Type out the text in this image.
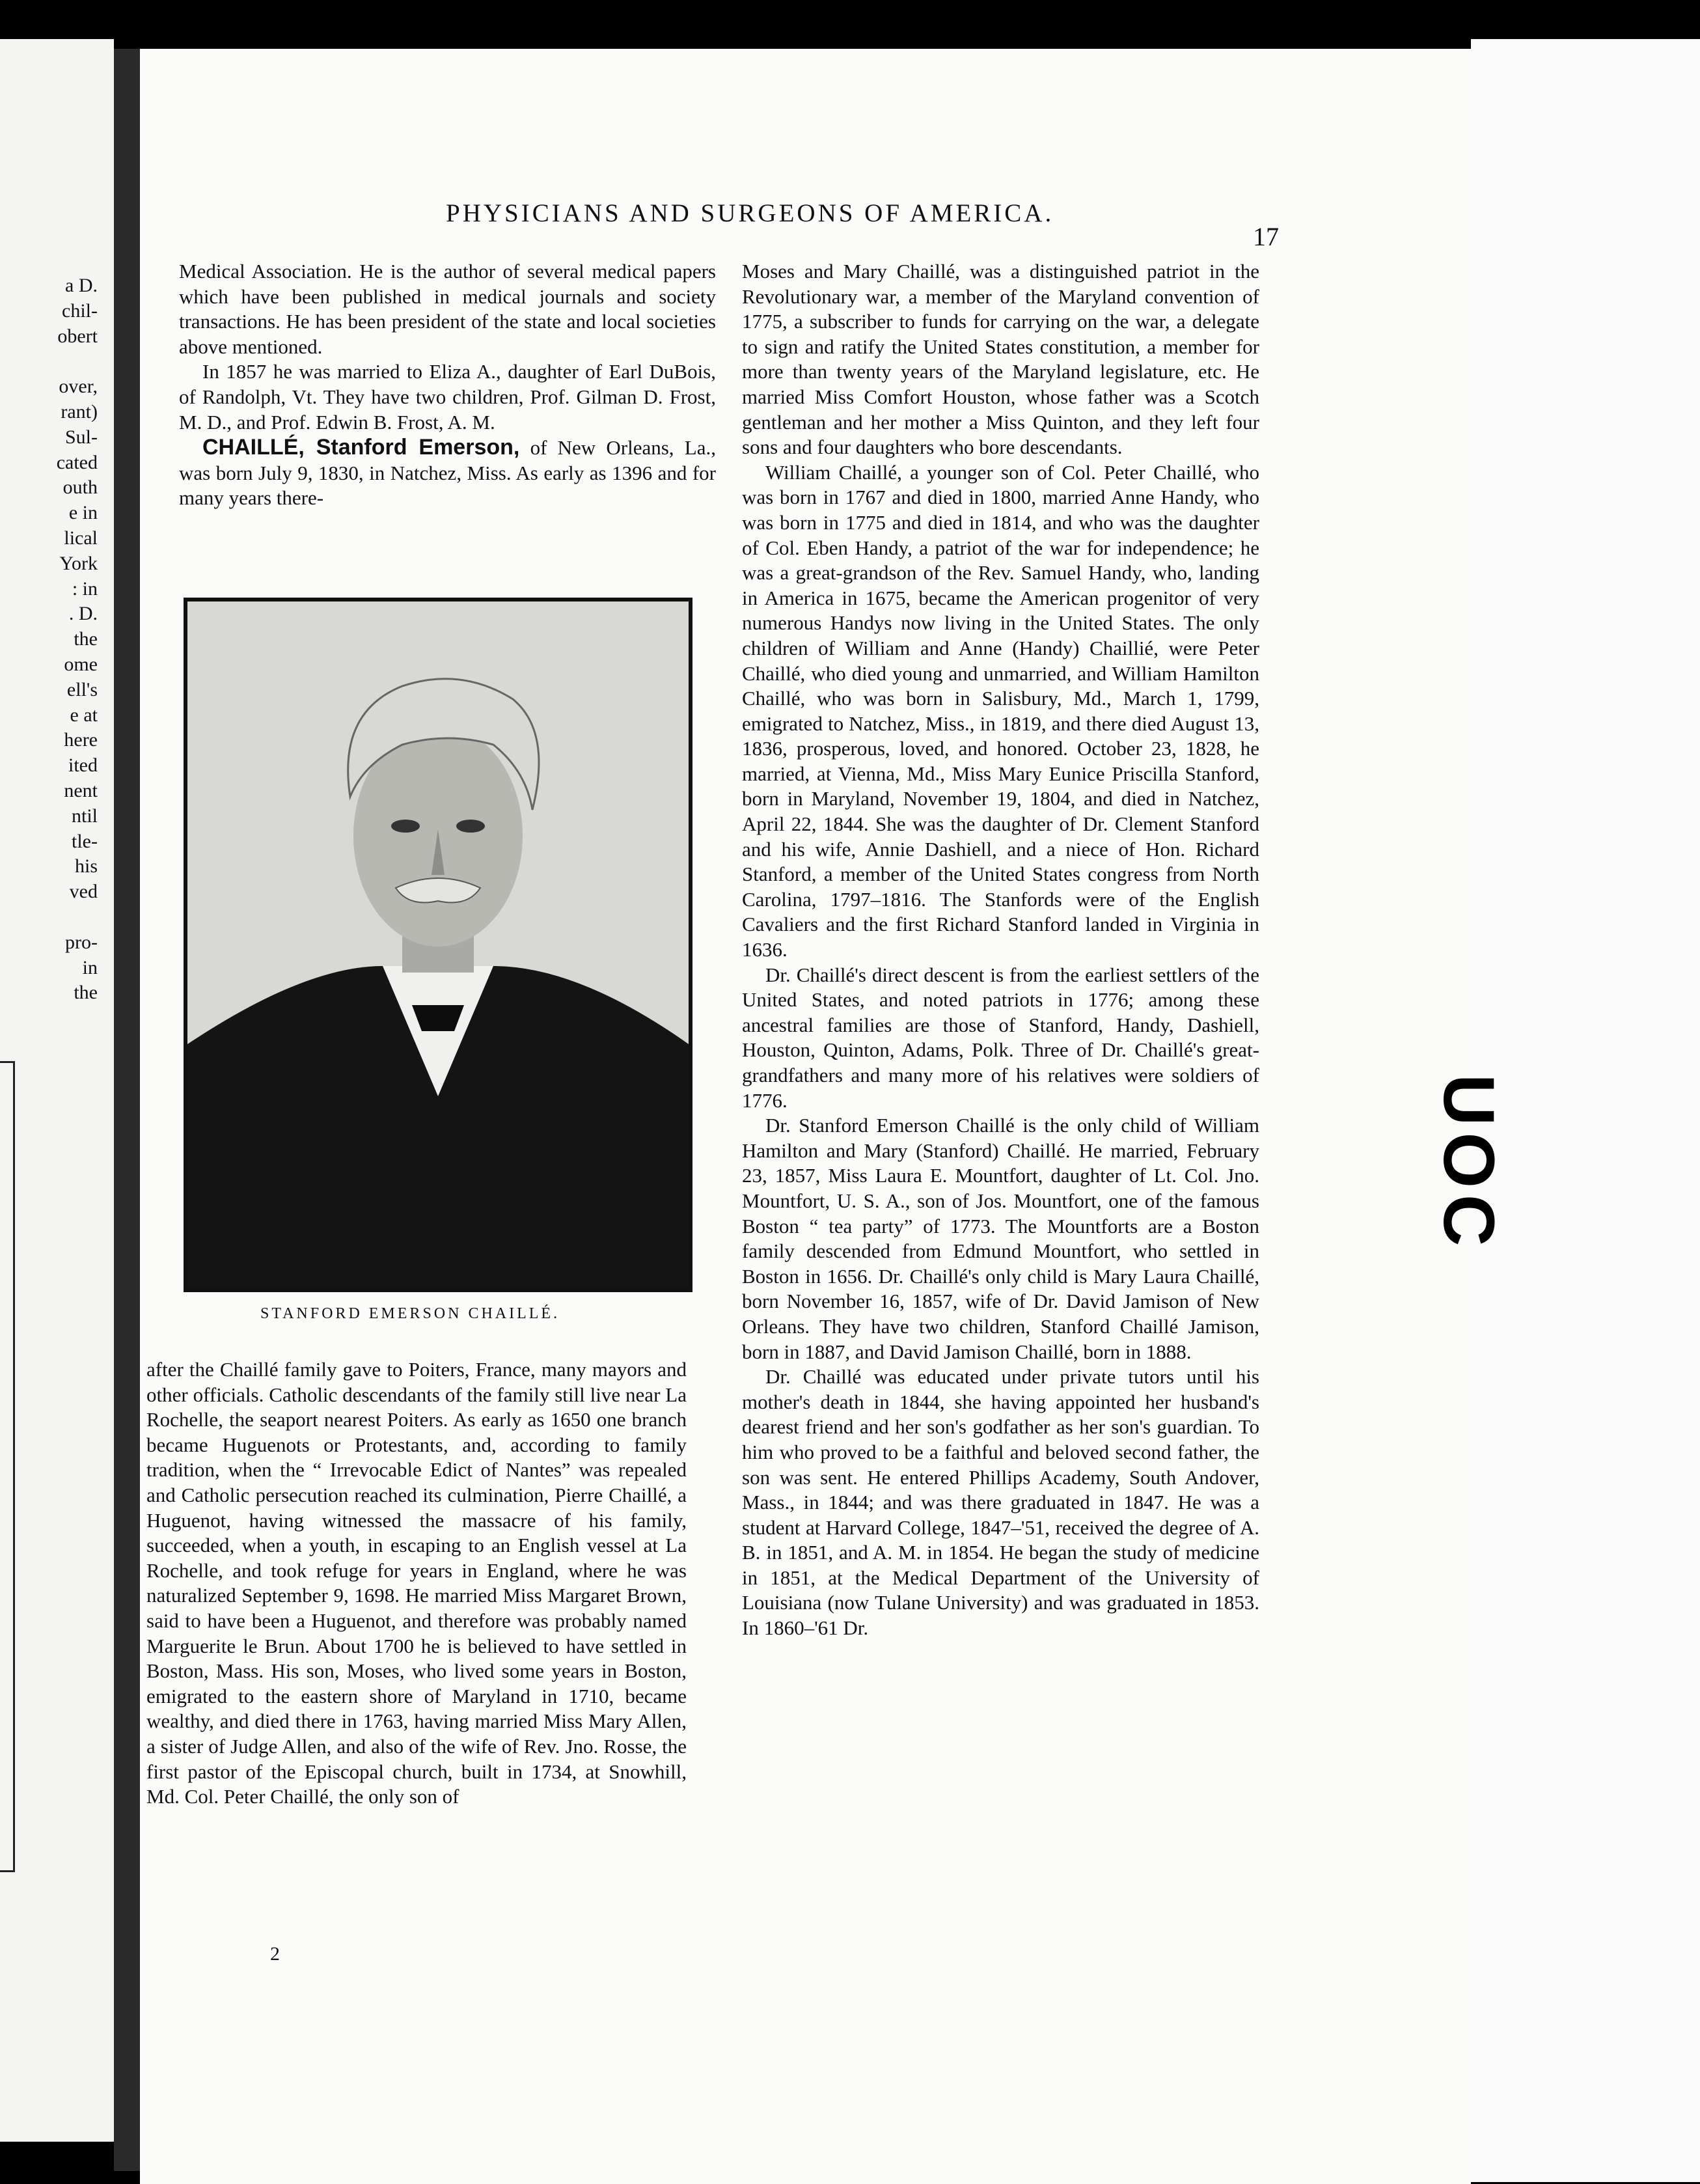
a D.
chil-
obert
over,
rant)
Sul-
cated
outh
e in
lical
York
: in
. D.
the
ome
ell's
e at
here
ited
nent
ntil
tle-
his
ved
pro-
in
the
UOC
PHYSICIANS AND SURGEONS OF AMERICA.
17

Medical Association. He is the author of several medical papers which have been published in medical journals and society transactions. He has been president of the state and local societies above mentioned.

In 1857 he was married to Eliza A., daughter of Earl DuBois, of Randolph, Vt. They have two children, Prof. Gilman D. Frost, M. D., and Prof. Edwin B. Frost, A. M.

CHAILLÉ, Stanford Emerson, of New Orleans, La., was born July 9, 1830, in Natchez, Miss. As early as 1396 and for many years there-

STANFORD EMERSON CHAILLÉ.

after the Chaillé family gave to Poiters, France, many mayors and other officials. Catholic descendants of the family still live near La Rochelle, the seaport nearest Poiters. As early as 1650 one branch became Huguenots or Protestants, and, according to family tradition, when the “ Irrevocable Edict of Nantes” was repealed and Catholic persecution reached its culmination, Pierre Chaillé, a Huguenot, having witnessed the massacre of his family, succeeded, when a youth, in escaping to an English vessel at La Rochelle, and took refuge for years in England, where he was naturalized September 9, 1698. He married Miss Margaret Brown, said to have been a Huguenot, and therefore was probably named Marguerite le Brun. About 1700 he is believed to have settled in Boston, Mass. His son, Moses, who lived some years in Boston, emigrated to the eastern shore of Maryland in 1710, became wealthy, and died there in 1763, having married Miss Mary Allen, a sister of Judge Allen, and also of the wife of Rev. Jno. Rosse, the first pastor of the Episcopal church, built in 1734, at Snowhill, Md. Col. Peter Chaillé, the only son of

Moses and Mary Chaillé, was a distinguished patriot in the Revolutionary war, a member of the Maryland convention of 1775, a subscriber to funds for carrying on the war, a delegate to sign and ratify the United States constitution, a member for more than twenty years of the Maryland legislature, etc. He married Miss Comfort Houston, whose father was a Scotch gentleman and her mother a Miss Quinton, and they left four sons and four daughters who bore descendants.

William Chaillé, a younger son of Col. Peter Chaillé, who was born in 1767 and died in 1800, married Anne Handy, who was born in 1775 and died in 1814, and who was the daughter of Col. Eben Handy, a patriot of the war for independence; he was a great-grandson of the Rev. Samuel Handy, who, landing in America in 1675, became the American progenitor of very numerous Handys now living in the United States. The only children of William and Anne (Handy) Chaillié, were Peter Chaillé, who died young and unmarried, and William Hamilton Chaillé, who was born in Salisbury, Md., March 1, 1799, emigrated to Natchez, Miss., in 1819, and there died August 13, 1836, prosperous, loved, and honored. October 23, 1828, he married, at Vienna, Md., Miss Mary Eunice Priscilla Stanford, born in Maryland, November 19, 1804, and died in Natchez, April 22, 1844. She was the daughter of Dr. Clement Stanford and his wife, Annie Dashiell, and a niece of Hon. Richard Stanford, a member of the United States congress from North Carolina, 1797–1816. The Stanfords were of the English Cavaliers and the first Richard Stanford landed in Virginia in 1636.

Dr. Chaillé's direct descent is from the earliest settlers of the United States, and noted patriots in 1776; among these ancestral families are those of Stanford, Handy, Dashiell, Houston, Quinton, Adams, Polk. Three of Dr. Chaillé's great-grandfathers and many more of his relatives were soldiers of 1776.

Dr. Stanford Emerson Chaillé is the only child of William Hamilton and Mary (Stanford) Chaillé. He married, February 23, 1857, Miss Laura E. Mountfort, daughter of Lt. Col. Jno. Mountfort, U. S. A., son of Jos. Mountfort, one of the famous Boston “ tea party” of 1773. The Mountforts are a Boston family descended from Edmund Mountfort, who settled in Boston in 1656. Dr. Chaillé's only child is Mary Laura Chaillé, born November 16, 1857, wife of Dr. David Jamison of New Orleans. They have two children, Stanford Chaillé Jamison, born in 1887, and David Jamison Chaillé, born in 1888.

Dr. Chaillé was educated under private tutors until his mother's death in 1844, she having appointed her husband's dearest friend and her son's godfather as her son's guardian. To him who proved to be a faithful and beloved second father, the son was sent. He entered Phillips Academy, South Andover, Mass., in 1844; and was there graduated in 1847. He was a student at Harvard College, 1847–'51, received the degree of A. B. in 1851, and A. M. in 1854. He began the study of medicine in 1851, at the Medical Department of the University of Louisiana (now Tulane University) and was graduated in 1853. In 1860–'61 Dr.

2
